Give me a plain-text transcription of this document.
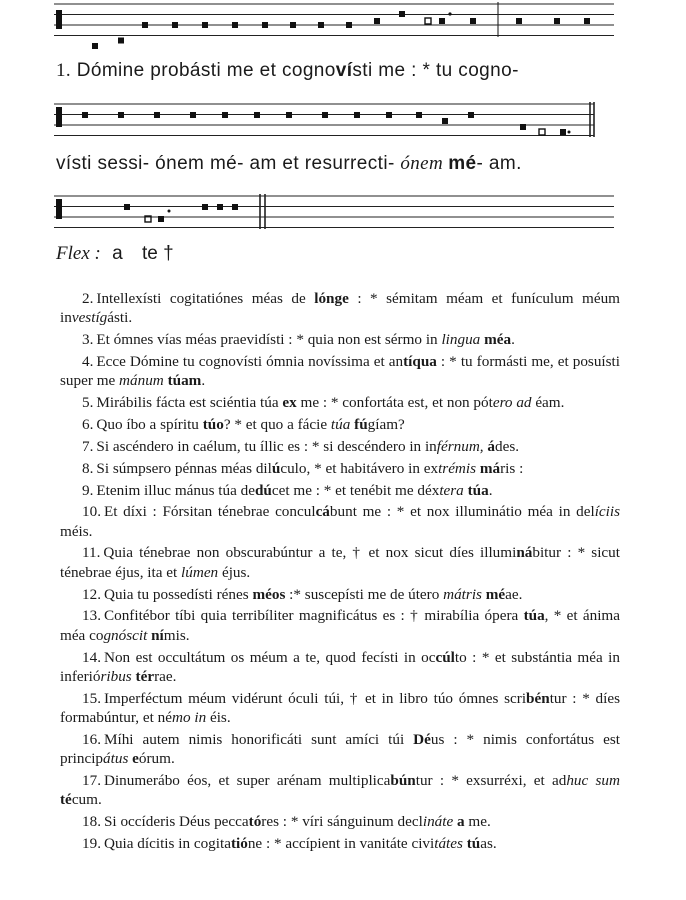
1. Dómine probásti me et cognovísti me : * tu cogno-
vísti sessi- ónem mé- am et resurrecti- ónem mé- am.
Flex : a te †

2. Intellexísti cogitatiónes méas de lónge : * sémitam méam et funículum méum investígásti.

3. Et ómnes vías méas praevidísti : * quia non est sérmo in lingua méa.

4. Ecce Dómine tu cognovísti ómnia novíssima et antíqua : * tu formásti me, et posuísti super me mánum túam.

5. Mirábilis fácta est sciéntia túa ex me : * confortáta est, et non pótero ad éam.

6. Quo íbo a spíritu túo? * et quo a fácie túa fúgíam?

7. Si ascéndero in caélum, tu íllic es : * si descéndero in inférnum, ádes.

8. Si súmpsero pénnas méas dilúculo, * et habitávero in extrémis máris :

9. Etenim illuc mánus túa dedúcet me : * et tenébit me déxtera túa.

10. Et díxi : Fórsitan ténebrae conculcábunt me : * et nox illuminátio méa in delíciis méis.

11. Quia ténebrae non obscurabúntur a te, † et nox sicut díes illuminábitur : * sicut ténebrae éjus, ita et lúmen éjus.

12. Quia tu possedísti rénes méos :* suscepísti me de útero mátris méae.

13. Confitébor tíbi quia terribíliter magnificátus es : † mirabília ópera túa, * et ánima méa cognóscit nímis.

14. Non est occultátum os méum a te, quod fecísti in occúlto : * et substántia méa in inferióribus térrae.

15. Imperféctum méum vidérunt óculi túi, † et in libro túo ómnes scribéntur : * díes formabúntur, et némo in éis.

16. Míhi autem nimis honorificáti sunt amíci túi Déus : * nimis confortátus est principátus eórum.

17. Dinumerábo éos, et super arénam multiplicabúntur : * exsurréxi, et adhuc sum técum.

18. Si occíderis Déus peccatóres : * víri sánguinum declináte a me.

19. Quia dícitis in cogitatióne : * accípient in vanitáte civitátes túas.
